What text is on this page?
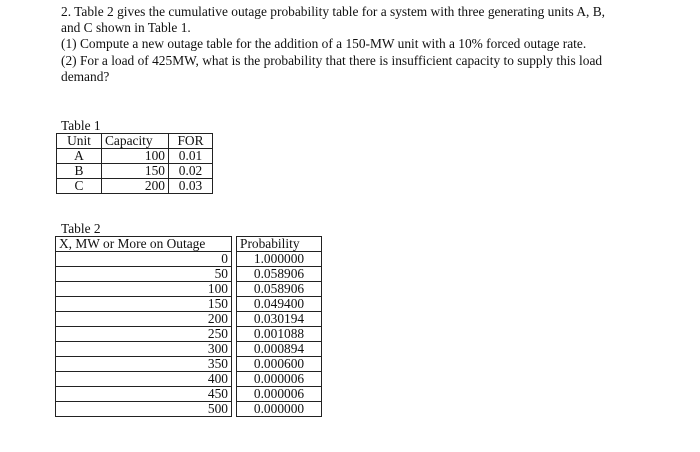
2. Table 2 gives the cumulative outage probability table for a system with three generating units A, B, and C shown in Table 1.

(1) Compute a new outage table for the addition of a 150-MW unit with a 10% forced outage rate.

(2) For a load of 425MW, what is the probability that there is insufficient capacity to supply this load demand?

Table 1
Unit	Capacity	FOR
A	100	0.01
B	150	0.02
C	200	0.03
Table 2
X, MW or More on Outage		Probability
0		1.000000
50		0.058906
100		0.058906
150		0.049400
200		0.030194
250		0.001088
300		0.000894
350		0.000600
400		0.000006
450		0.000006
500		0.000000
